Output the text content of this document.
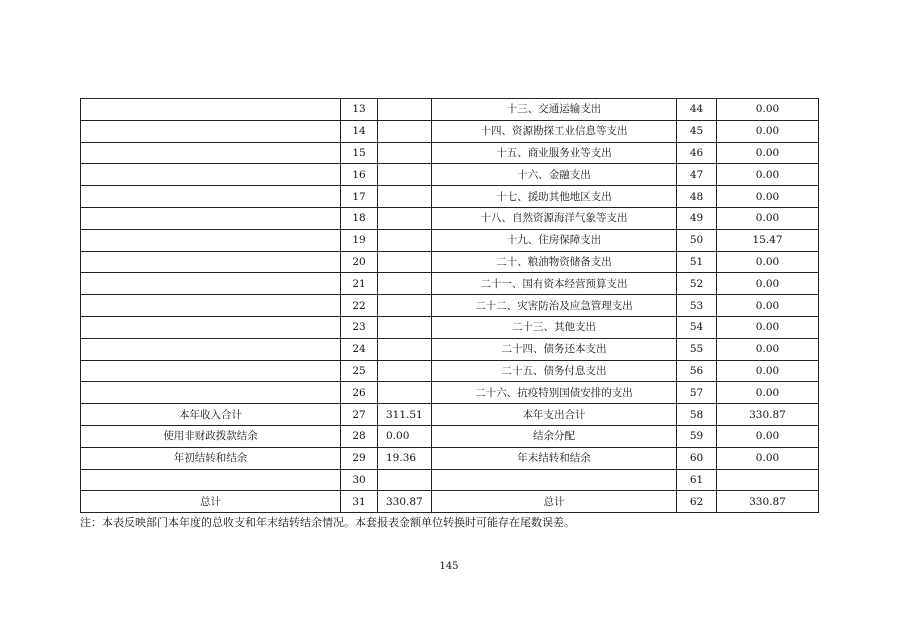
	13		十三、交通运输支出	44	0.00
	14		十四、资源勘探工业信息等支出	45	0.00
	15		十五、商业服务业等支出	46	0.00
	16		十六、金融支出	47	0.00
	17		十七、援助其他地区支出	48	0.00
	18		十八、自然资源海洋气象等支出	49	0.00
	19		十九、住房保障支出	50	15.47
	20		二十、粮油物资储备支出	51	0.00
	21		二十一、国有资本经营预算支出	52	0.00
	22		二十二、灾害防治及应急管理支出	53	0.00
	23		二十三、其他支出	54	0.00
	24		二十四、债务还本支出	55	0.00
	25		二十五、债务付息支出	56	0.00
	26		二十六、抗疫特别国债安排的支出	57	0.00
本年收入合计	27	311.51	本年支出合计	58	330.87
使用非财政拨款结余	28	0.00	结余分配	59	0.00
年初结转和结余	29	19.36	年末结转和结余	60	0.00
	30			61	
总计	31	330.87	总计	62	330.87
注：本表反映部门本年度的总收支和年末结转结余情况。本套报表金额单位转换时可能存在尾数误差。
145
